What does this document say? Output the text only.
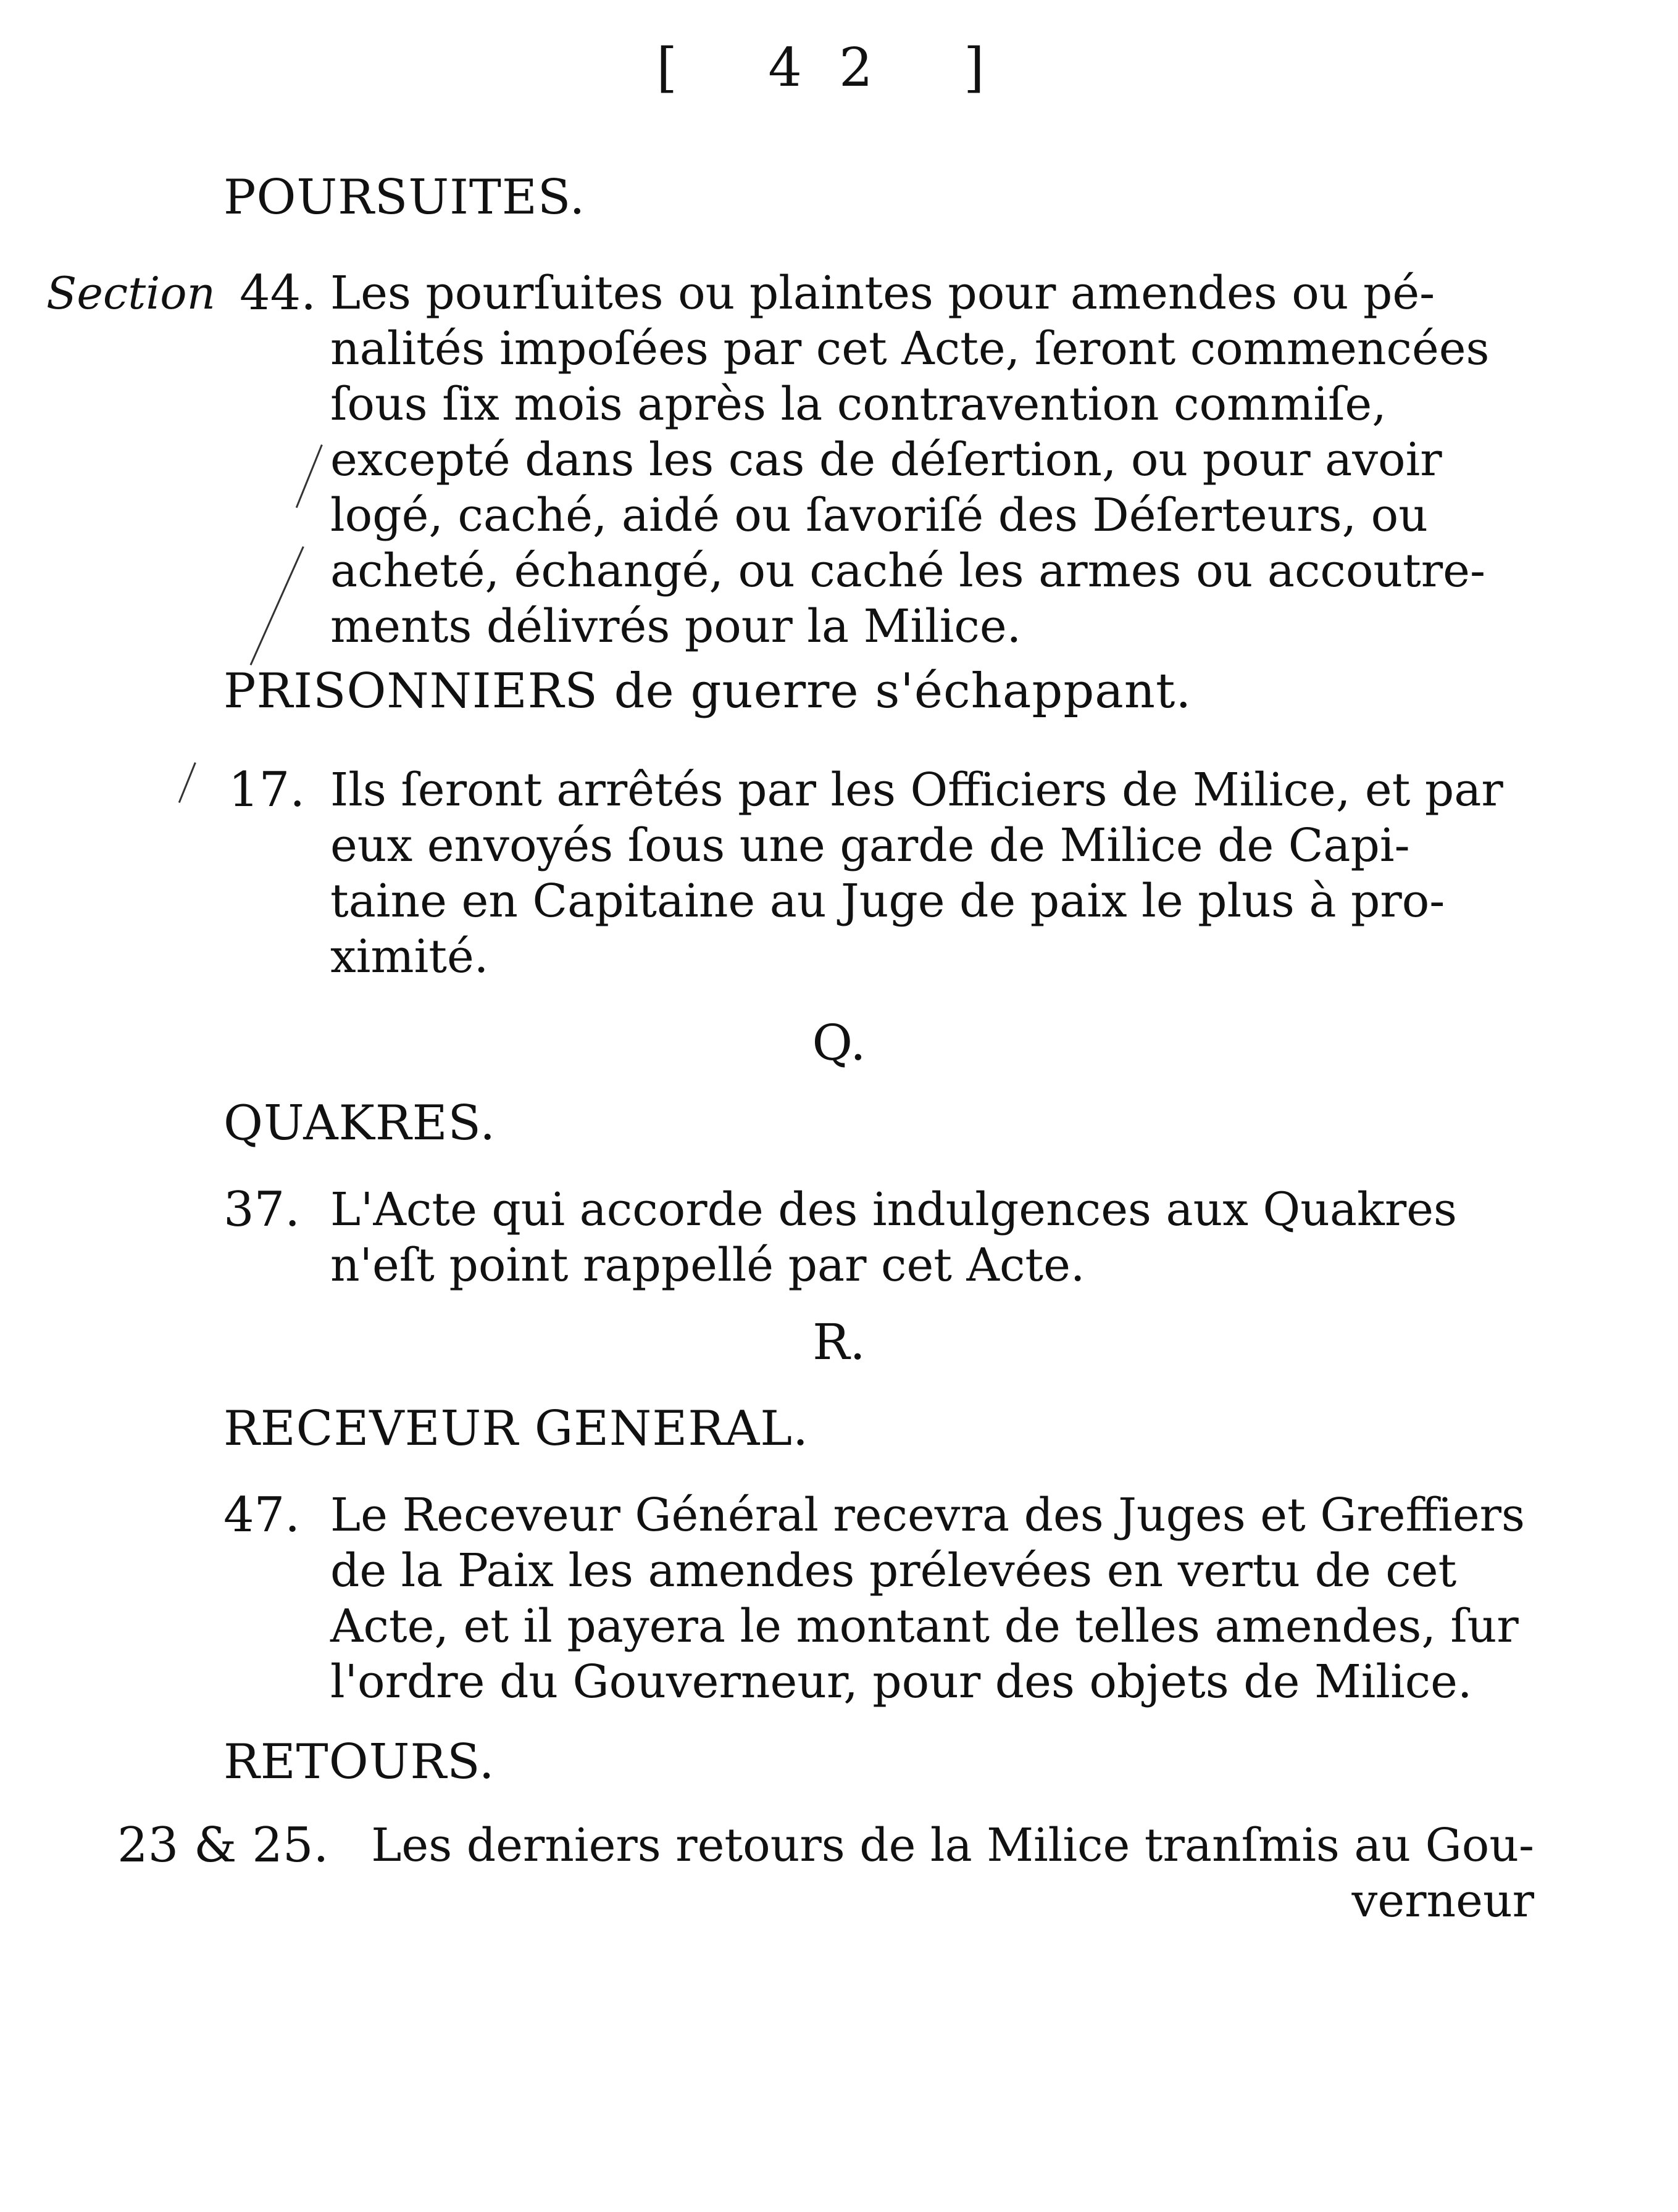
[ 42 ]
POURSUITES.
Section 44. Les pourſuites ou plaintes pour amendes ou pé-
nalités impoſées par cet Acte, ſeront commencées
ſous ſix mois après la contravention commiſe,
excepté dans les cas de déſertion, ou pour avoir
logé, caché, aidé ou ſavoriſé des Déſerteurs, ou
acheté, échangé, ou caché les armes ou accoutre-
ments délivrés pour la Milice.
PRISONNIERS de guerre s'échappant.
17. Ils ſeront arrêtés par les Officiers de Milice, et par
eux envoyés ſous une garde de Milice de Capi-
taine en Capitaine au Juge de paix le plus à pro-
ximité.
Q.
QUAKRES.
37. L'Acte qui accorde des indulgences aux Quakres
n'eſt point rappellé par cet Acte.
R.
RECEVEUR GENERAL.
47. Le Receveur Général recevra des Juges et Greffiers
de la Paix les amendes prélevées en vertu de cet
Acte, et il payera le montant de telles amendes, ſur
l'ordre du Gouverneur, pour des objets de Milice.
RETOURS.
23 & 25. Les derniers retours de la Milice tranſmis au Gou-
verneur
